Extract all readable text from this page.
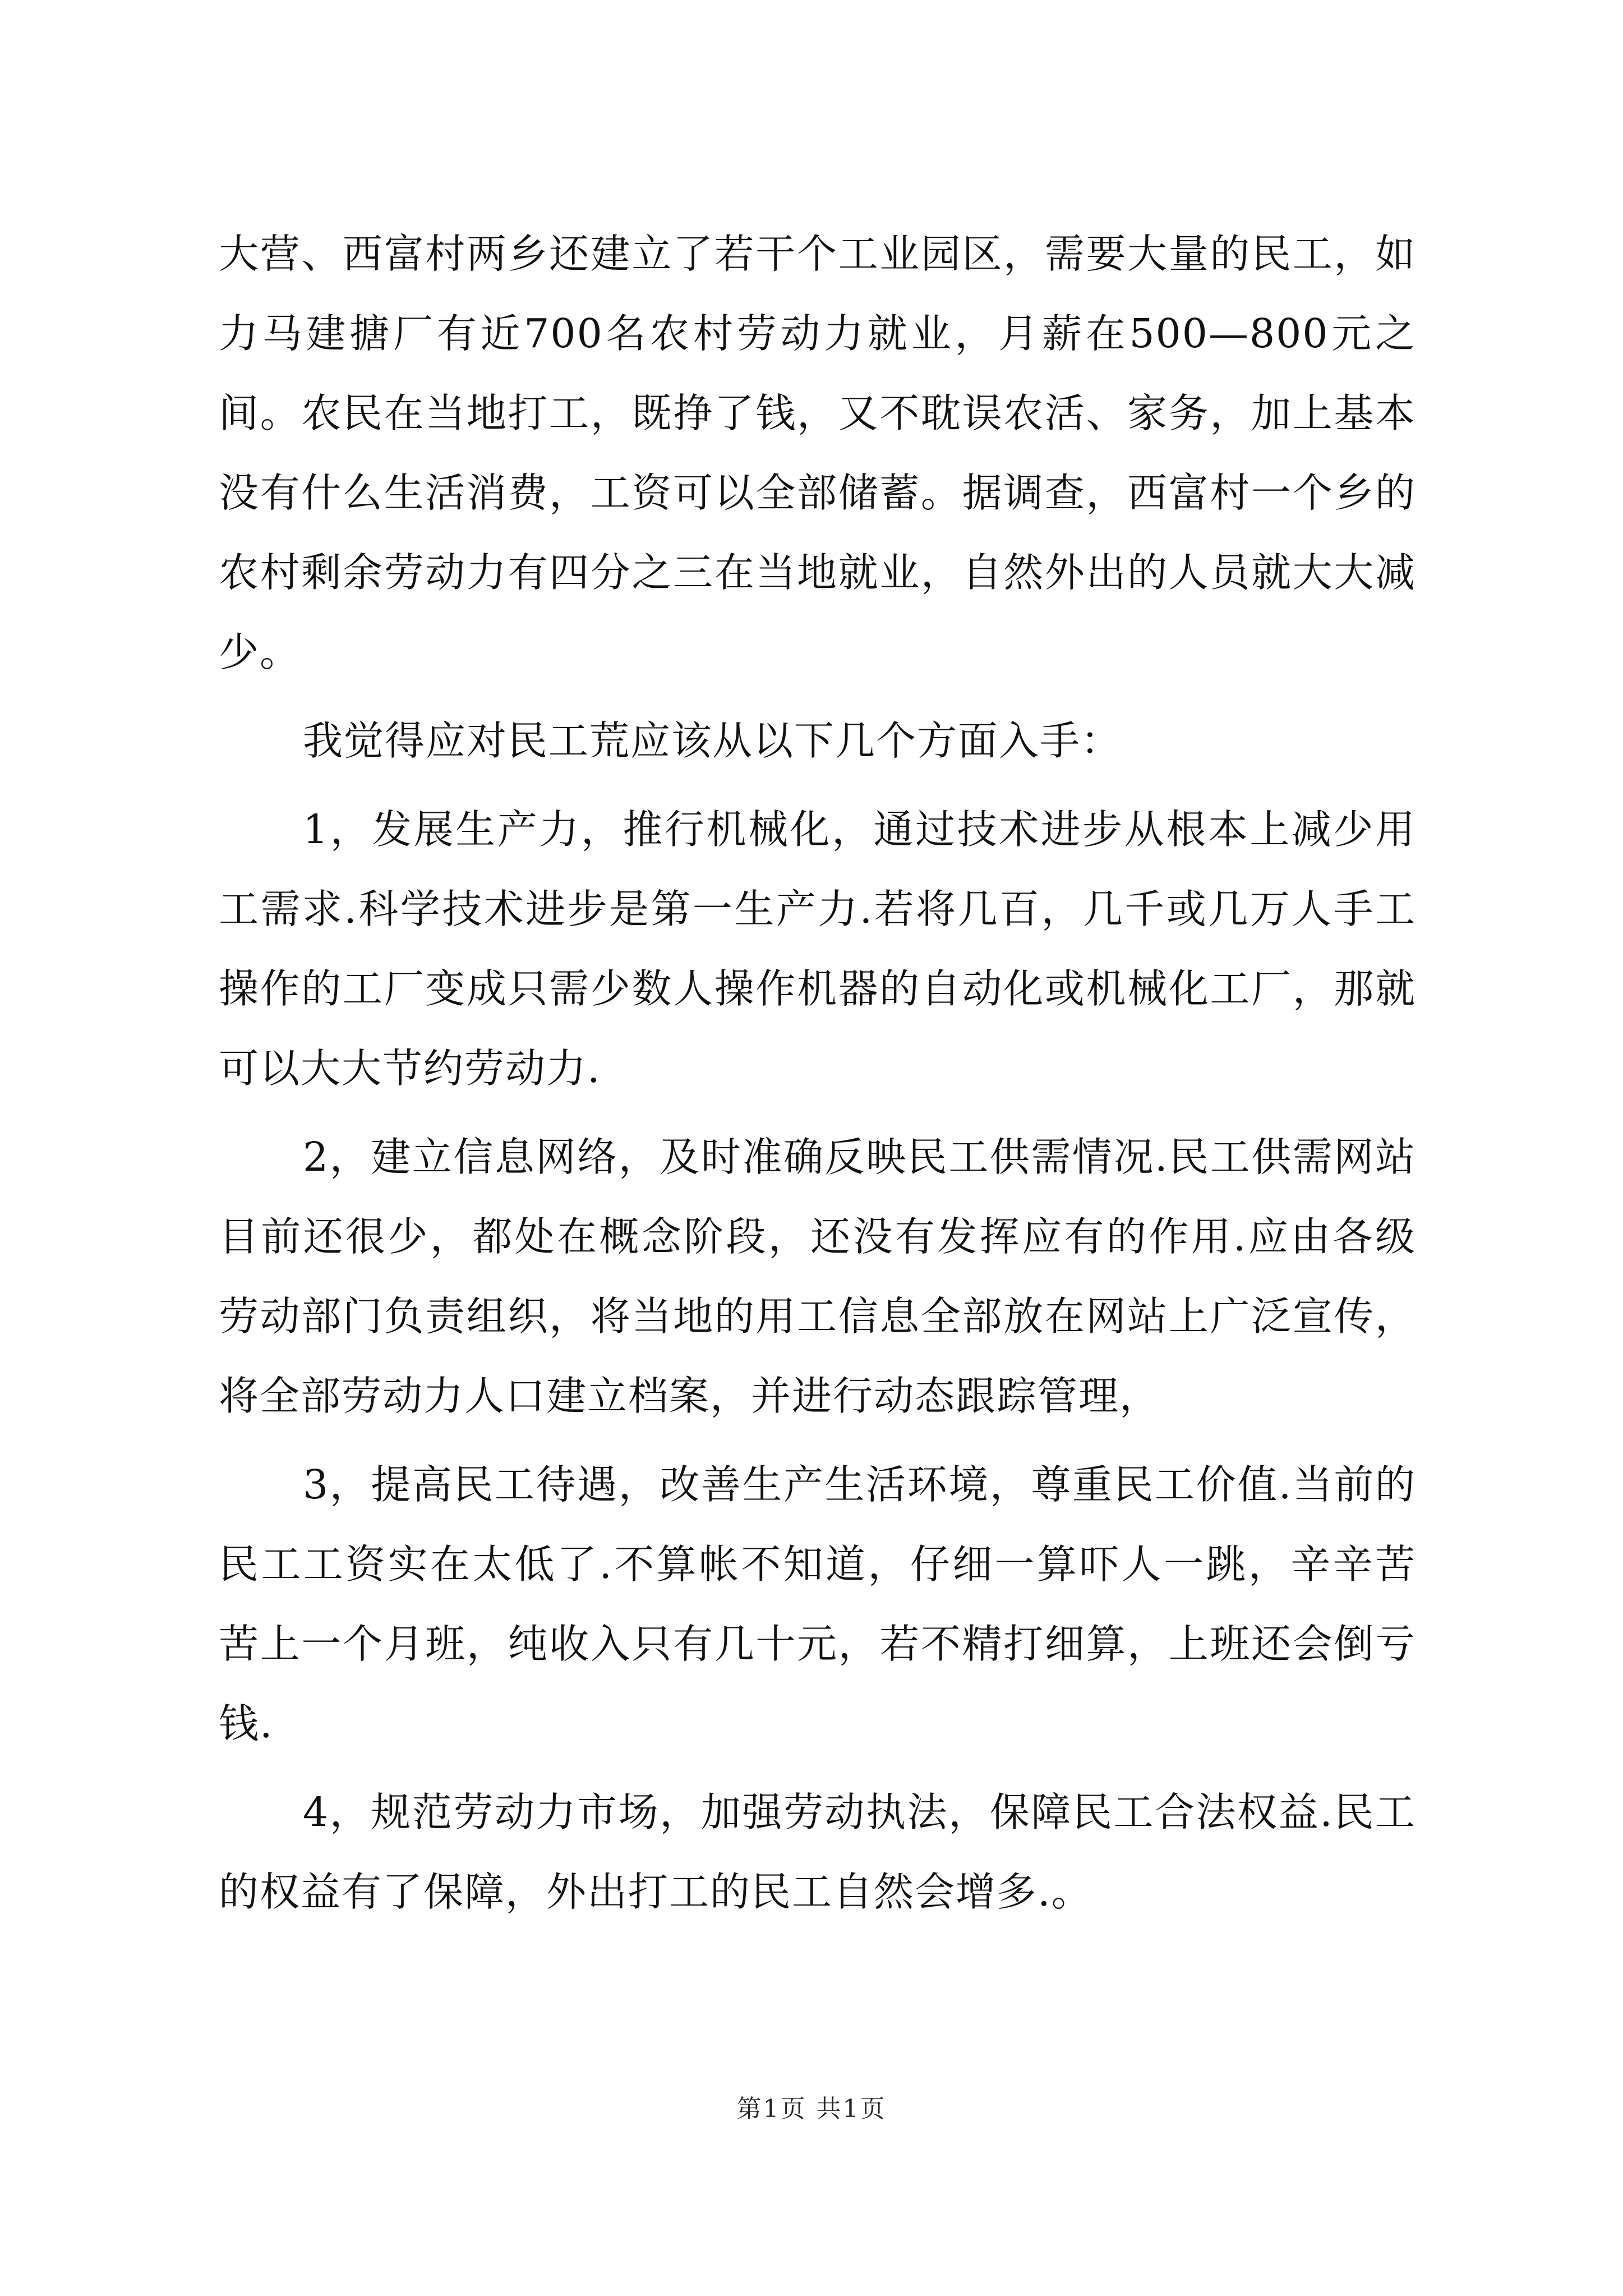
大营、西富村两乡还建立了若干个工业园区，需要大量的民工，如力马建搪厂有近700名农村劳动力就业，月薪在500—800元之间。农民在当地打工，既挣了钱，又不耽误农活、家务，加上基本没有什么生活消费，工资可以全部储蓄。据调查，西富村一个乡的农村剩余劳动力有四分之三在当地就业，自然外出的人员就大大减少。

我觉得应对民工荒应该从以下几个方面入手：

1，发展生产力，推行机械化，通过技术进步从根本上减少用工需求.科学技术进步是第一生产力.若将几百，几千或几万人手工操作的工厂变成只需少数人操作机器的自动化或机械化工厂，那就可以大大节约劳动力.

2，建立信息网络，及时准确反映民工供需情况.民工供需网站目前还很少，都处在概念阶段，还没有发挥应有的作用.应由各级劳动部门负责组织，将当地的用工信息全部放在网站上广泛宣传，将全部劳动力人口建立档案，并进行动态跟踪管理，

3，提高民工待遇，改善生产生活环境，尊重民工价值.当前的民工工资实在太低了.不算帐不知道，仔细一算吓人一跳，辛辛苦苦上一个月班，纯收入只有几十元，若不精打细算，上班还会倒亏钱.

4，规范劳动力市场，加强劳动执法，保障民工合法权益.民工的权益有了保障，外出打工的民工自然会增多.。

第1页 共1页
